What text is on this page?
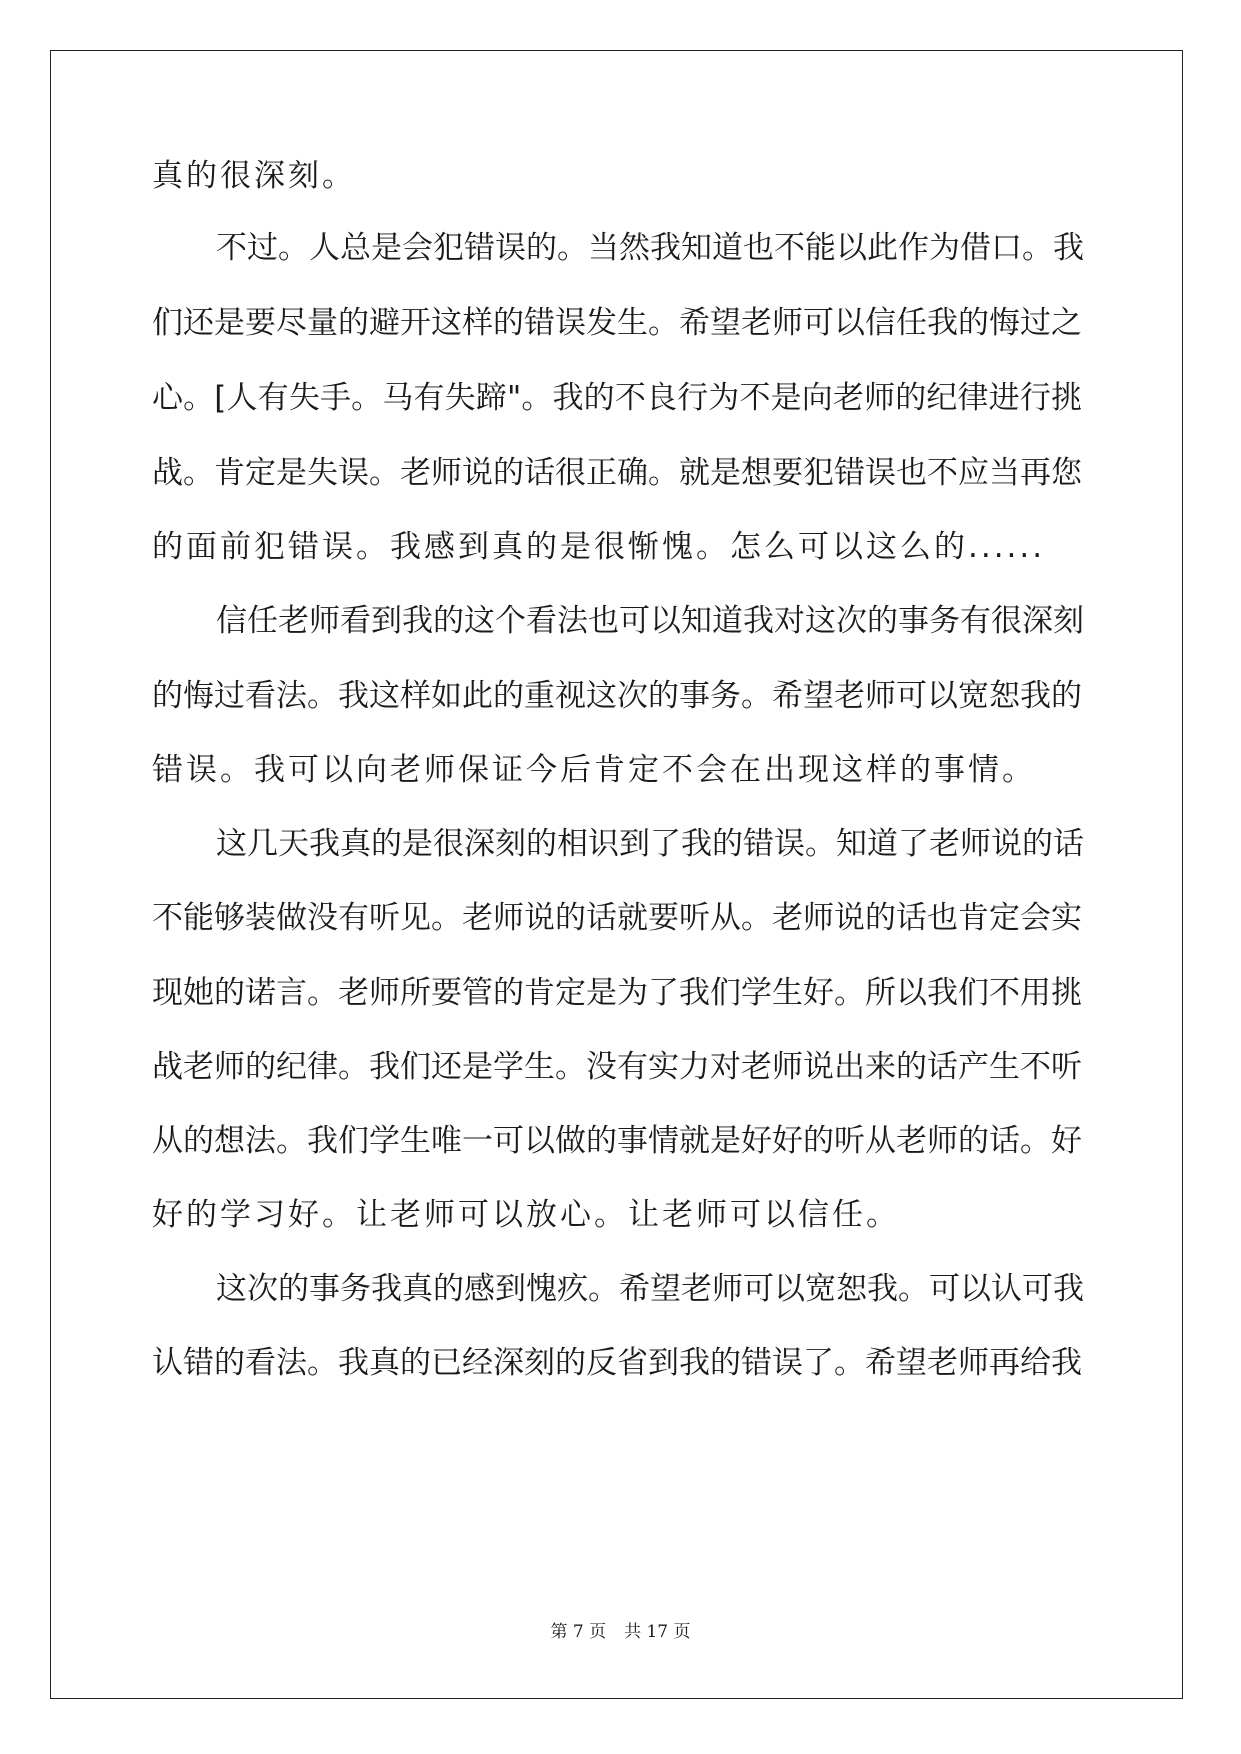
真的很深刻。

不过。人总是会犯错误的。当然我知道也不能以此作为借口。我

们还是要尽量的避开这样的错误发生。希望老师可以信任我的悔过之

心。[人有失手。马有失蹄"。我的不良行为不是向老师的纪律进行挑

战。肯定是失误。老师说的话很正确。就是想要犯错误也不应当再您

的面前犯错误。我感到真的是很惭愧。怎么可以这么的......

信任老师看到我的这个看法也可以知道我对这次的事务有很深刻

的悔过看法。我这样如此的重视这次的事务。希望老师可以宽恕我的

错误。我可以向老师保证今后肯定不会在出现这样的事情。

这几天我真的是很深刻的相识到了我的错误。知道了老师说的话

不能够装做没有听见。老师说的话就要听从。老师说的话也肯定会实

现她的诺言。老师所要管的肯定是为了我们学生好。所以我们不用挑

战老师的纪律。我们还是学生。没有实力对老师说出来的话产生不听

从的想法。我们学生唯一可以做的事情就是好好的听从老师的话。好

好的学习好。让老师可以放心。让老师可以信任。

这次的事务我真的感到愧疚。希望老师可以宽恕我。可以认可我

认错的看法。我真的已经深刻的反省到我的错误了。希望老师再给我

第 7 页 共 17 页
